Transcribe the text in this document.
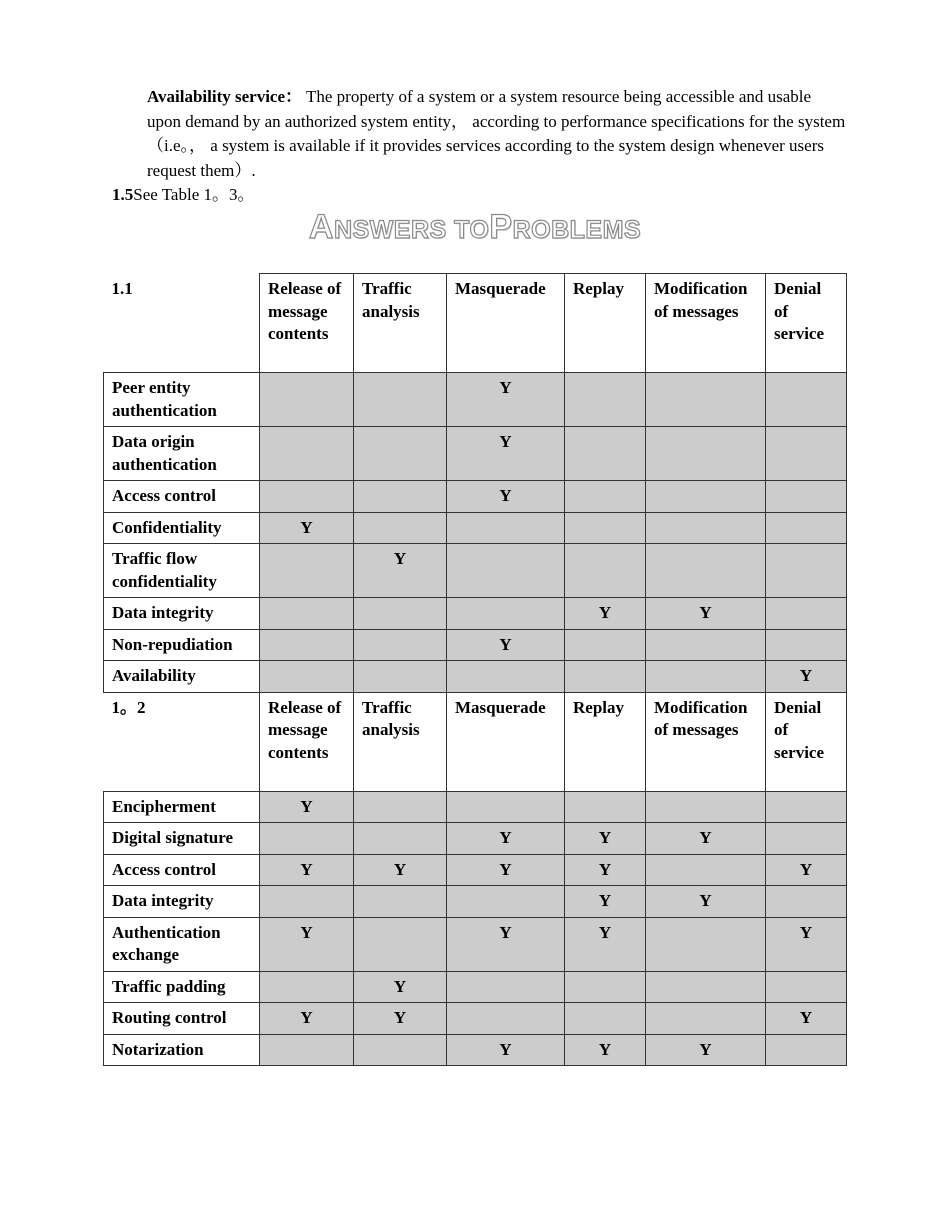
Availability service： The property of a system or a system resource being accessible and usable upon demand by an authorized system entity， according to performance specifications for the system （i.e。， a system is available if it provides services according to the system design whenever users request them）.
1.5See Table 1。3。
ANSWERS TOPROBLEMS
1.1	Release of message contents	Traffic analysis	Masquerade	Replay	Modification of messages	Denial of service
Peer entity authentication			Y			
Data origin authentication			Y			
Access control			Y			
Confidentiality	Y					
Traffic flow confidentiality		Y				
Data integrity				Y	Y	
Non-repudiation			Y			
Availability						Y
1。2	Release of message contents	Traffic analysis	Masquerade	Replay	Modification of messages	Denial of service
Encipherment	Y					
Digital signature			Y	Y	Y	
Access control	Y	Y	Y	Y		Y
Data integrity				Y	Y	
Authentication exchange	Y		Y	Y		Y
Traffic padding		Y				
Routing control	Y	Y				Y
Notarization			Y	Y	Y	
